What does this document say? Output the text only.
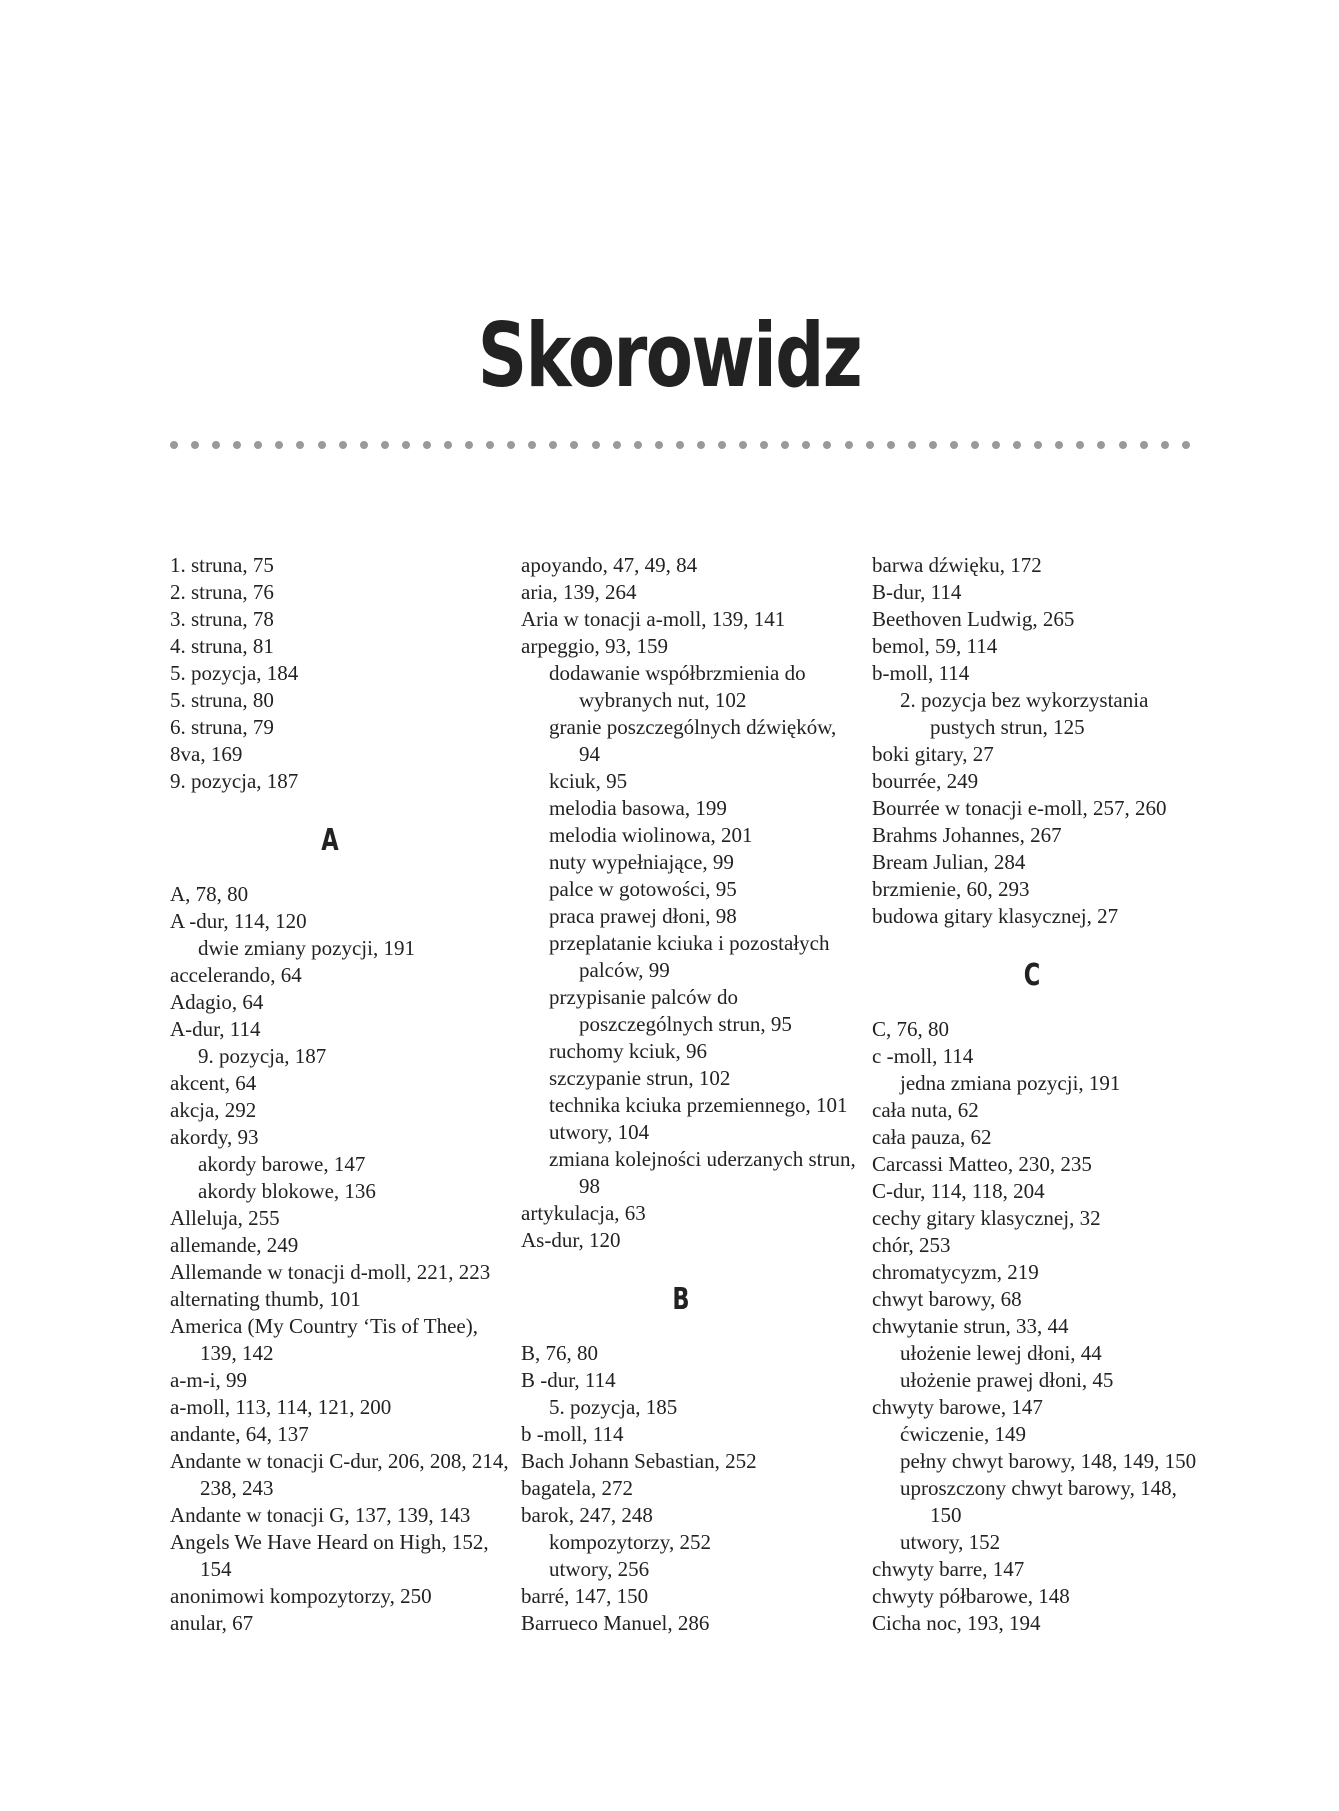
Skorowidz

1. struna, 75

2. struna, 76

3. struna, 78

4. struna, 81

5. pozycja, 184

5. struna, 80

6. struna, 79

8va, 169

9. pozycja, 187

A

A, 78, 80

A -dur, 114, 120

dwie zmiany pozycji, 191

accelerando, 64

Adagio, 64

A-dur, 114

9. pozycja, 187

akcent, 64

akcja, 292

akordy, 93

akordy barowe, 147

akordy blokowe, 136

Alleluja, 255

allemande, 249

Allemande w tonacji d-moll, 221, 223

alternating thumb, 101

America (My Country ‘Tis of Thee), 139, 142

a-m-i, 99

a-moll, 113, 114, 121, 200

andante, 64, 137

Andante w tonacji C-dur, 206, 208, 214, 238, 243

Andante w tonacji G, 137, 139, 143

Angels We Have Heard on High, 152, 154

anonimowi kompozytorzy, 250

anular, 67

apoyando, 47, 49, 84

aria, 139, 264

Aria w tonacji a-moll, 139, 141

arpeggio, 93, 159

dodawanie współbrzmienia do wybranych nut, 102

granie poszczególnych dźwięków, 94

kciuk, 95

melodia basowa, 199

melodia wiolinowa, 201

nuty wypełniające, 99

palce w gotowości, 95

praca prawej dłoni, 98

przeplatanie kciuka i pozostałych palców, 99

przypisanie palców do poszczególnych strun, 95

ruchomy kciuk, 96

szczypanie strun, 102

technika kciuka przemiennego, 101

utwory, 104

zmiana kolejności uderzanych strun, 98

artykulacja, 63

As-dur, 120

B

B, 76, 80

B -dur, 114

5. pozycja, 185

b -moll, 114

Bach Johann Sebastian, 252

bagatela, 272

barok, 247, 248

kompozytorzy, 252

utwory, 256

barré, 147, 150

Barrueco Manuel, 286

barwa dźwięku, 172

B-dur, 114

Beethoven Ludwig, 265

bemol, 59, 114

b-moll, 114

2. pozycja bez wykorzystania pustych strun, 125

boki gitary, 27

bourrée, 249

Bourrée w tonacji e-moll, 257, 260

Brahms Johannes, 267

Bream Julian, 284

brzmienie, 60, 293

budowa gitary klasycznej, 27

C

C, 76, 80

c -moll, 114

jedna zmiana pozycji, 191

cała nuta, 62

cała pauza, 62

Carcassi Matteo, 230, 235

C-dur, 114, 118, 204

cechy gitary klasycznej, 32

chór, 253

chromatycyzm, 219

chwyt barowy, 68

chwytanie strun, 33, 44

ułożenie lewej dłoni, 44

ułożenie prawej dłoni, 45

chwyty barowe, 147

ćwiczenie, 149

pełny chwyt barowy, 148, 149, 150

uproszczony chwyt barowy, 148, 150

utwory, 152

chwyty barre, 147

chwyty półbarowe, 148

Cicha noc, 193, 194
